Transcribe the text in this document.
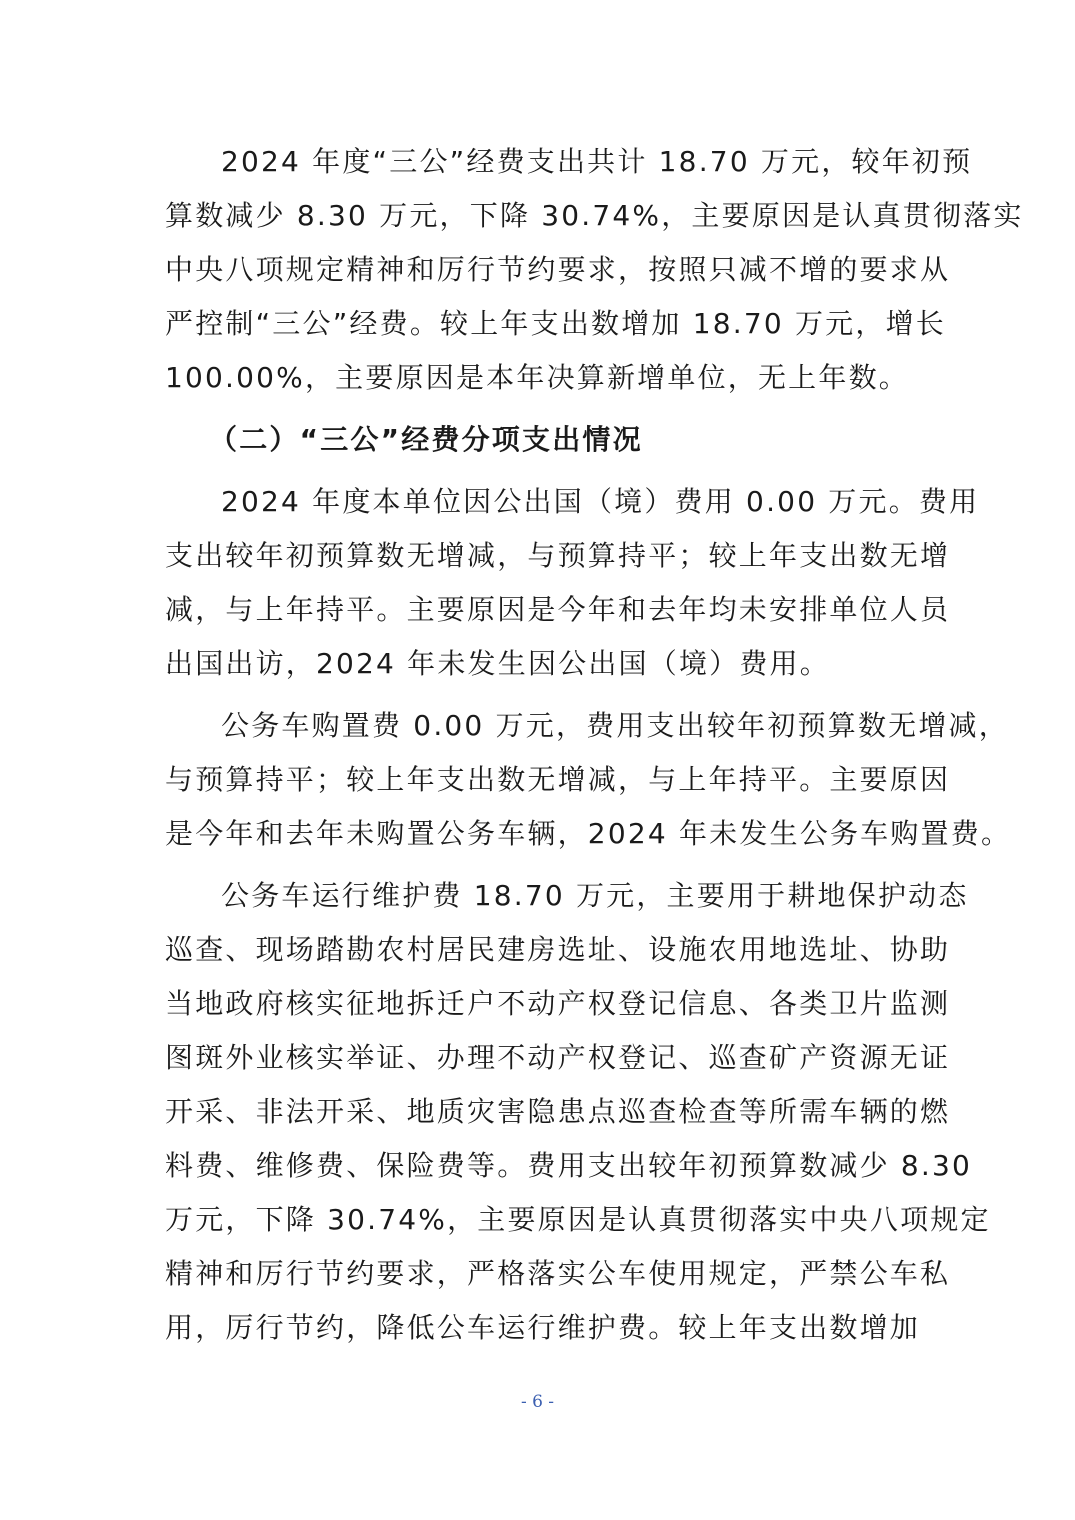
2024 年度“三公”经费支出共计 18.70 万元，较年初预
算数减少 8.30 万元，下降 30.74%，主要原因是认真贯彻落实
中央八项规定精神和厉行节约要求，按照只减不增的要求从
严控制“三公”经费。较上年支出数增加 18.70 万元，增长
100.00%，主要原因是本年决算新增单位，无上年数。
（二）“三公”经费分项支出情况
2024 年度本单位因公出国（境）费用 0.00 万元。费用
支出较年初预算数无增减，与预算持平；较上年支出数无增
减，与上年持平。主要原因是今年和去年均未安排单位人员
出国出访，2024 年未发生因公出国（境）费用。
公务车购置费 0.00 万元，费用支出较年初预算数无增减，
与预算持平；较上年支出数无增减，与上年持平。主要原因
是今年和去年未购置公务车辆，2024 年未发生公务车购置费。
公务车运行维护费 18.70 万元，主要用于耕地保护动态
巡查、现场踏勘农村居民建房选址、设施农用地选址、协助
当地政府核实征地拆迁户不动产权登记信息、各类卫片监测
图斑外业核实举证、办理不动产权登记、巡查矿产资源无证
开采、非法开采、地质灾害隐患点巡查检查等所需车辆的燃
料费、维修费、保险费等。费用支出较年初预算数减少 8.30
万元，下降 30.74%，主要原因是认真贯彻落实中央八项规定
精神和厉行节约要求，严格落实公车使用规定，严禁公车私
用，厉行节约，降低公车运行维护费。较上年支出数增加
- 6 -
